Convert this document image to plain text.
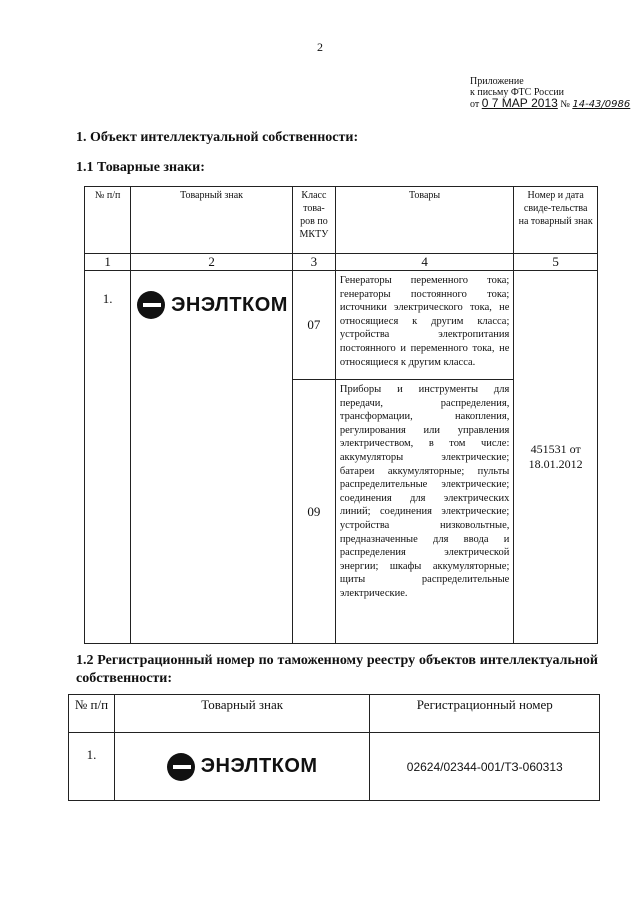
2
Приложение
к письму ФТС России
от 0 7 МАР 2013 № 14-43/0986
1. Объект интеллектуальной собственности:
1.1 Товарные знаки:
№ п/п	Товарный знак	Класс това-ров по МКТУ	Товары	Номер и дата свиде-тельства на товарный знак
1	2	3	4	5
1.	ЭНЭЛТКОМ	07	Генераторы переменного тока; генераторы постоянного тока; источники электрического тока, не относящиеся к другим класса; устройства электропитания постоянного и переменного тока, не относящиеся к другим класса.	451531 от 18.01.2012
		09	Приборы и инструменты для передачи, распределения, трансформации, накопления, регулирования или управления электричеством, в том числе: аккумуляторы электрические; батареи аккумуляторные; пульты распределительные электрические; соединения для электрических линий; соединения электрические; устройства низковольтные, предназначенные для ввода и распределения электрической энергии; шкафы аккумуляторные; щиты распределительные электрические.	
1.2 Регистрационный номер по таможенному реестру объектов интеллектуальной собственности:
№ п/п	Товарный знак	Регистрационный номер
1.	ЭНЭЛТКОМ	02624/02344-001/ТЗ-060313
